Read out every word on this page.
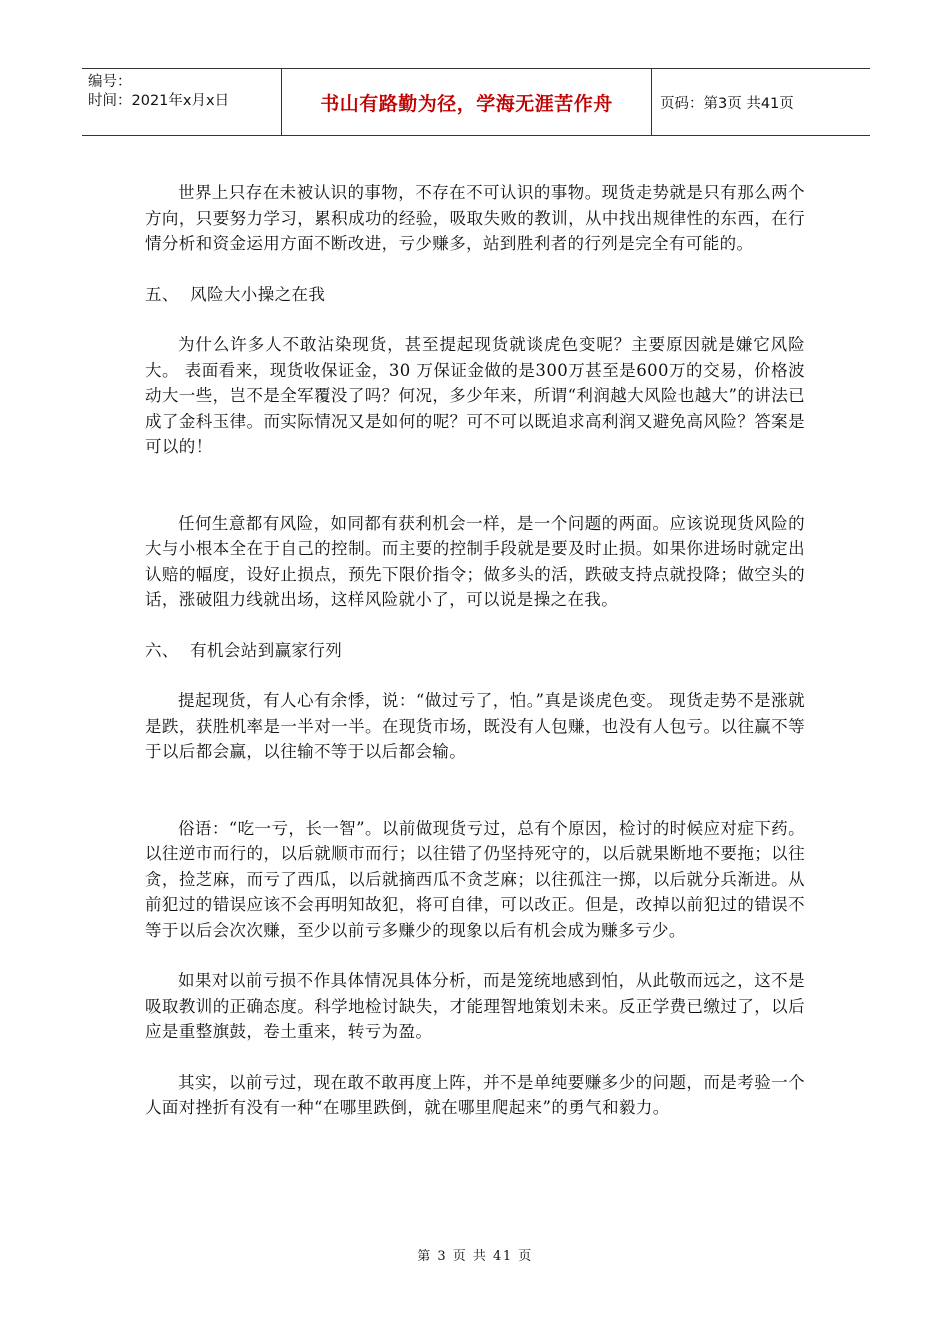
编号：
时间：2021年x月x日	书山有路勤为径，学海无涯苦作舟	页码：第3页 共41页

世界上只存在未被认识的事物，不存在不可认识的事物。现货走势就是只有那么两个方向，只要努力学习，累积成功的经验，吸取失败的教训，从中找出规律性的东西，在行情分析和资金运用方面不断改进，亏少赚多，站到胜利者的行列是完全有可能的。

五、  风险大小操之在我

为什么许多人不敢沾染现货，甚至提起现货就谈虎色变呢？主要原因就是嫌它风险大。 表面看来，现货收保证金，30 万保证金做的是300万甚至是600万的交易，价格波动大一些，岂不是全军覆没了吗？何况，多少年来，所谓“利润越大风险也越大”的讲法已成了金科玉律。而实际情况又是如何的呢？可不可以既追求高利润又避免高风险？答案是可以的！

任何生意都有风险，如同都有获利机会一样，是一个问题的两面。应该说现货风险的大与小根本全在于自己的控制。而主要的控制手段就是要及时止损。如果你进场时就定出认赔的幅度，设好止损点，预先下限价指令；做多头的活，跌破支持点就投降；做空头的话，涨破阻力线就出场，这样风险就小了，可以说是操之在我。

六、  有机会站到赢家行列

提起现货，有人心有余悸，说：“做过亏了，怕。”真是谈虎色变。 现货走势不是涨就是跌，获胜机率是一半对一半。在现货市场，既没有人包赚，也没有人包亏。以往赢不等于以后都会赢，以往输不等于以后都会输。

俗语：“吃一亏，长一智”。以前做现货亏过，总有个原因，检讨的时候应对症下药。以往逆市而行的，以后就顺市而行；以往错了仍坚持死守的，以后就果断地不要拖；以往贪，捡芝麻，而亏了西瓜，以后就摘西瓜不贪芝麻；以往孤注一掷，以后就分兵渐进。从前犯过的错误应该不会再明知故犯，将可自律，可以改正。但是，改掉以前犯过的错误不等于以后会次次赚，至少以前亏多赚少的现象以后有机会成为赚多亏少。

如果对以前亏损不作具体情况具体分析，而是笼统地感到怕，从此敬而远之，这不是吸取教训的正确态度。科学地检讨缺失，才能理智地策划未来。反正学费已缴过了，以后应是重整旗鼓，卷土重来，转亏为盈。

其实，以前亏过，现在敢不敢再度上阵，并不是单纯要赚多少的问题，而是考验一个人面对挫折有没有一种“在哪里跌倒，就在哪里爬起来”的勇气和毅力。

第 3 页 共 41 页
